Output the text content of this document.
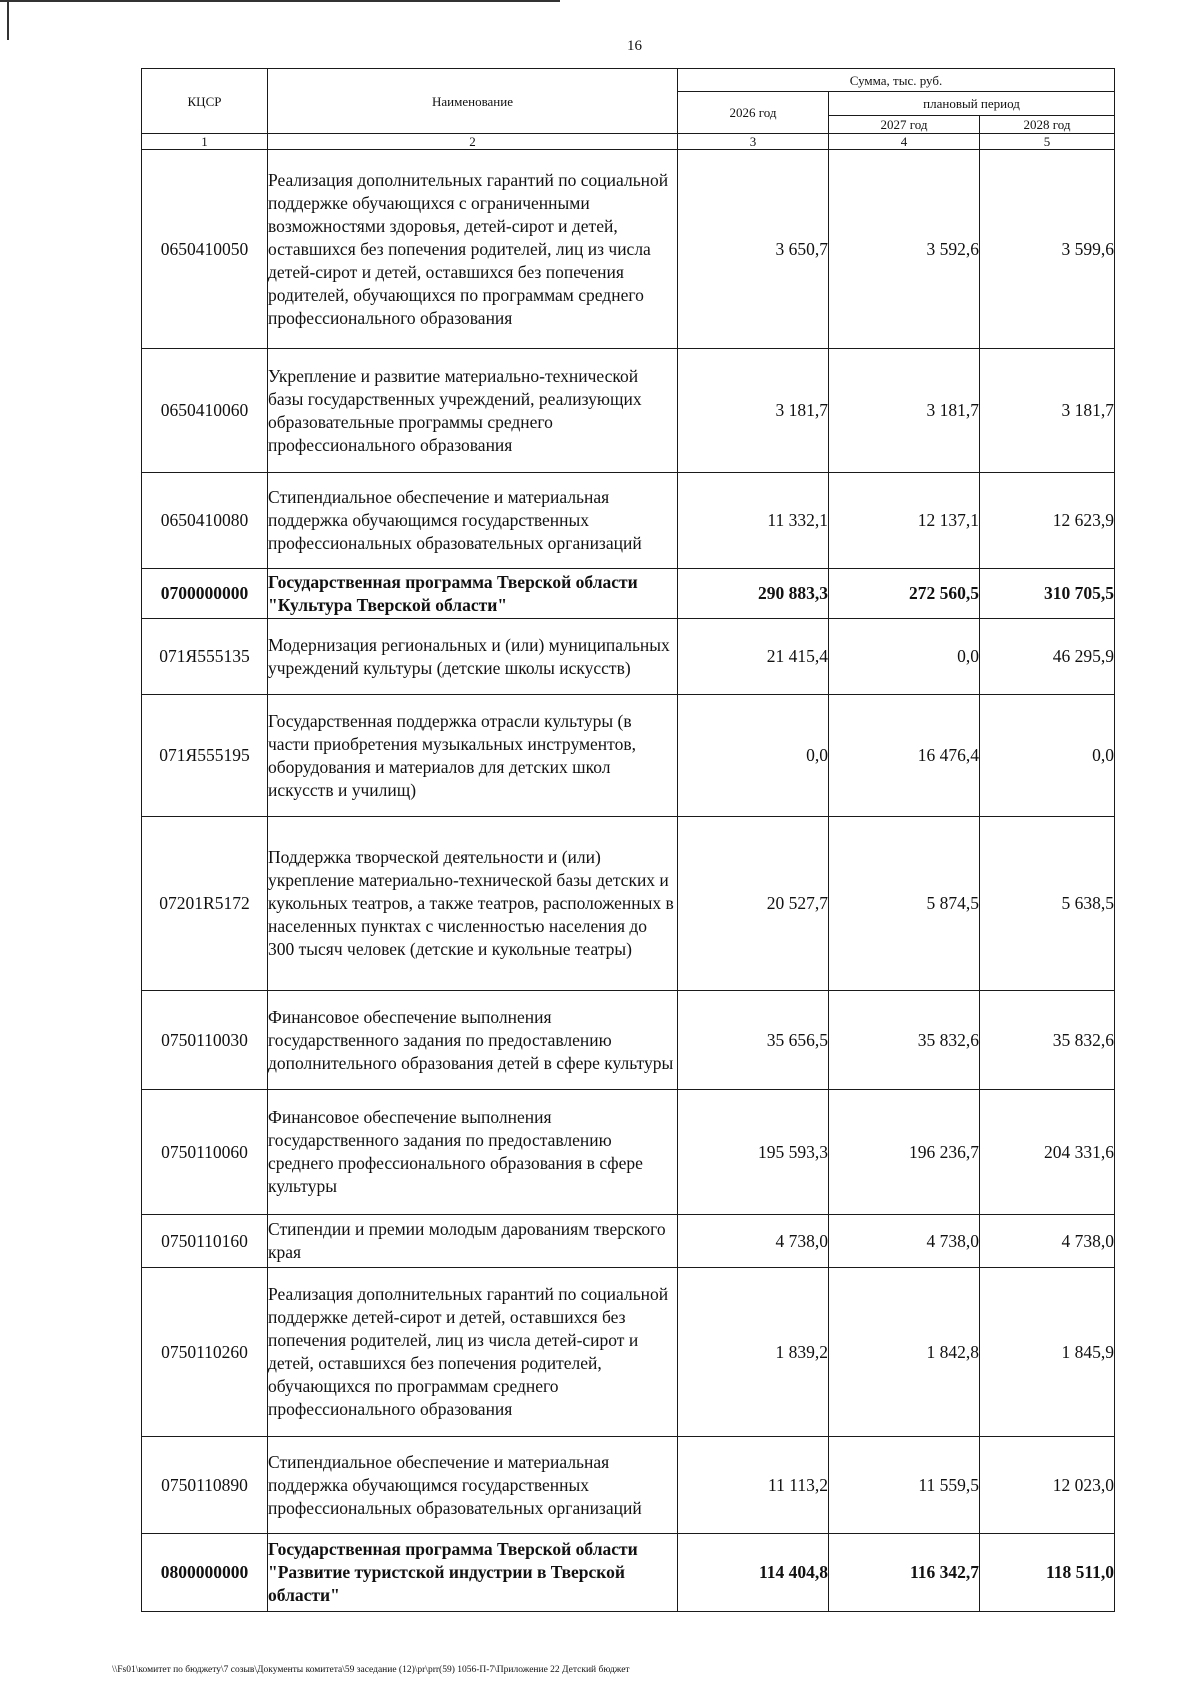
16
КЦСР	Наименование	Сумма, тыс. руб.		
		2026 год	плановый период	
			2027 год	2028 год
1	2	3	4	5
0650410050	Реализация дополнительных гарантий по социальной поддержке обучающихся с ограниченными возможностями здоровья, детей-сирот и детей, оставшихся без попечения родителей, лиц из числа детей-сирот и детей, оставшихся без попечения родителей, обучающихся по программам среднего профессионального образования	3 650,7	3 592,6	3 599,6
0650410060	Укрепление и развитие материально-технической базы государственных учреждений, реализующих образовательные программы среднего профессионального образования	3 181,7	3 181,7	3 181,7
0650410080	Стипендиальное обеспечение и материальная поддержка обучающимся государственных профессиональных образовательных организаций	11 332,1	12 137,1	12 623,9
0700000000	Государственная программа Тверской области "Культура Тверской области"	290 883,3	272 560,5	310 705,5
071Я555135	Модернизация региональных и (или) муниципальных учреждений культуры (детские школы искусств)	21 415,4	0,0	46 295,9
071Я555195	Государственная поддержка отрасли культуры (в части приобретения музыкальных инструментов, оборудования и материалов для детских школ искусств и училищ)	0,0	16 476,4	0,0
07201R5172	Поддержка творческой деятельности и (или) укрепление материально-технической базы детских и кукольных театров, а также театров, расположенных в населенных пунктах с численностью населения до 300 тысяч человек (детские и кукольные театры)	20 527,7	5 874,5	5 638,5
0750110030	Финансовое обеспечение выполнения государственного задания по предоставлению дополнительного образования детей в сфере культуры	35 656,5	35 832,6	35 832,6
0750110060	Финансовое обеспечение выполнения государственного задания по предоставлению среднего профессионального образования в сфере культуры	195 593,3	196 236,7	204 331,6
0750110160	Стипендии и премии молодым дарованиям тверского края	4 738,0	4 738,0	4 738,0
0750110260	Реализация дополнительных гарантий по социальной поддержке детей-сирот и детей, оставшихся без попечения родителей, лиц из числа детей-сирот и детей, оставшихся без попечения родителей, обучающихся по программам среднего профессионального образования	1 839,2	1 842,8	1 845,9
0750110890	Стипендиальное обеспечение и материальная поддержка обучающимся государственных профессиональных образовательных организаций	11 113,2	11 559,5	12 023,0
0800000000	Государственная программа Тверской области "Развитие туристской индустрии в Тверской области"	114 404,8	116 342,7	118 511,0
\\Fs01\комитет по бюджету\7 созыв\Документы комитета\59 заседание (12)\pr\prr(59) 1056-П-7\Приложение 22 Детский бюджет
